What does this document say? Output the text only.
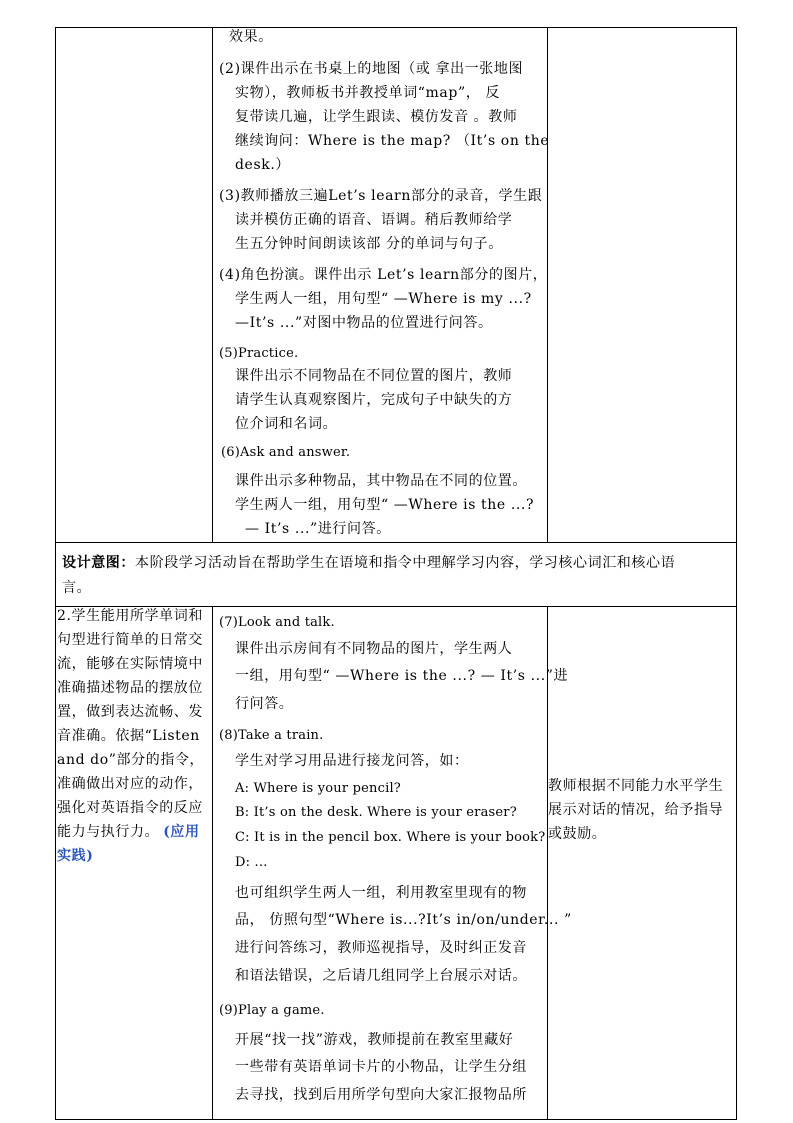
效果。
(2)课件出示在书桌上的地图（或 拿出一张地图
实物），教师板书并教授单词“map”， 反
复带读几遍，让学生跟读、模仿发音 。教师
继续询问：Where is the map? （It’s on the
desk.）
(3)教师播放三遍Let’s learn部分的录音，学生跟
读并模仿正确的语音、语调。稍后教师给学
生五分钟时间朗读该部 分的单词与句子。
(4)角色扮演。课件出示 Let’s learn部分的图片，
学生两人一组，用句型“ —Where is my ...?
—It’s ...”对图中物品的位置进行问答。
(5)Practice.
课件出示不同物品在不同位置的图片，教师
请学生认真观察图片，完成句子中缺失的方
位介词和名词。
(6)Ask and answer.
课件出示多种物品，其中物品在不同的位置。
学生两人一组，用句型“ —Where is the ...?
— It’s ...”进行问答。
设计意图：本阶段学习活动旨在帮助学生在语境和指令中理解学习内容，学习核心词汇和核心语
言。
2.学生能用所学单词和
句型进行简单的日常交
流，能够在实际情境中
准确描述物品的摆放位
置，做到表达流畅、发
音准确。依据“Listen
and do”部分的指令，
准确做出对应的动作，
强化对英语指令的反应
能力与执行力。 (应用
实践)
(7)Look and talk.
课件出示房间有不同物品的图片，学生两人
一组，用句型“ —Where is the ...? — It’s ...”进
行问答。
(8)Take a train.
学生对学习用品进行接龙问答，如：
A: Where is your pencil?
B: It’s on the desk. Where is your eraser?
C: It is in the pencil box. Where is your book?
D: ...
也可组织学生两人一组，利用教室里现有的物
品， 仿照句型“Where is...?It’s in/on/under... ”
进行问答练习，教师巡视指导，及时纠正发音
和语法错误，之后请几组同学上台展示对话。
(9)Play a game.
开展“找一找”游戏，教师提前在教室里藏好
一些带有英语单词卡片的小物品，让学生分组
去寻找，找到后用所学句型向大家汇报物品所
教师根据不同能力水平学生
展示对话的情况，给予指导
或鼓励。
